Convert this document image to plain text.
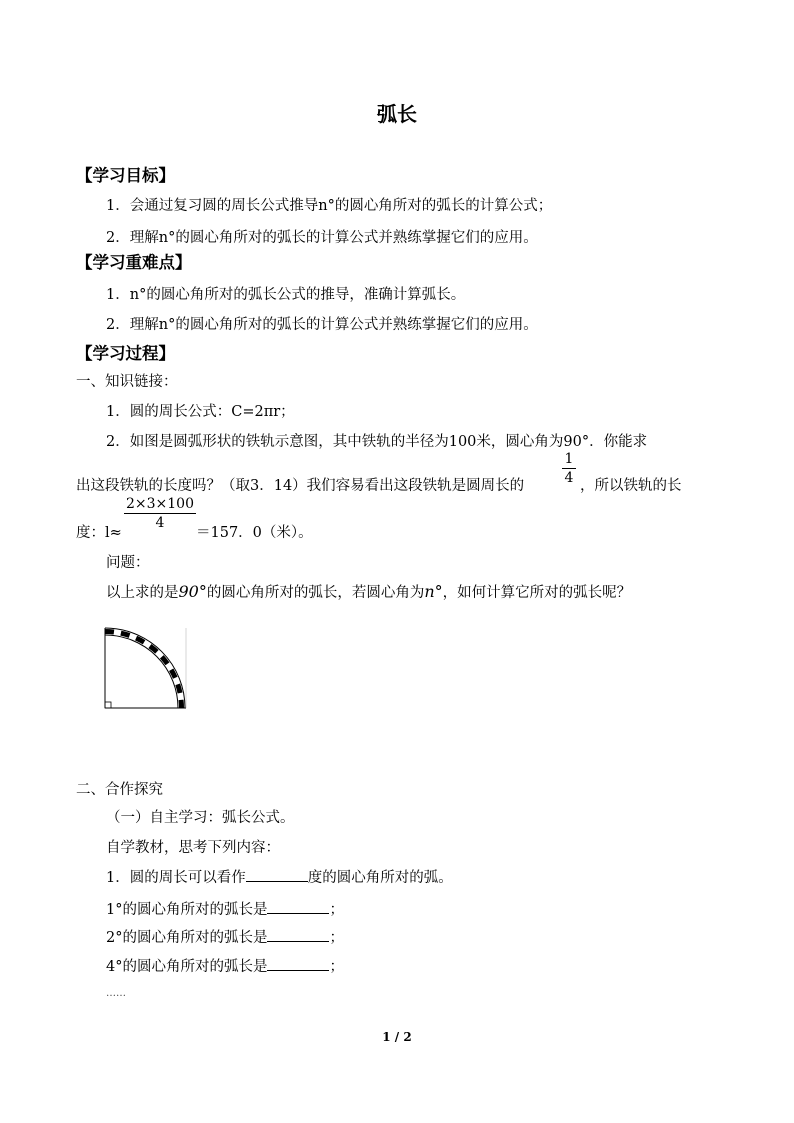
弧长
【学习目标】
1．会通过复习圆的周长公式推导n°的圆心角所对的弧长的计算公式；
2．理解n°的圆心角所对的弧长的计算公式并熟练掌握它们的应用。
【学习重难点】
1．n°的圆心角所对的弧长公式的推导，准确计算弧长。
2．理解n°的圆心角所对的弧长的计算公式并熟练掌握它们的应用。
【学习过程】
一、知识链接：
1．圆的周长公式：C=2πr；
2．如图是圆弧形状的铁轨示意图，其中铁轨的半径为100米，圆心角为90°．你能求
出这段铁轨的长度吗？（取3．14）我们容易看出这段铁轨是圆周长的
1
4 ，所以铁轨的长
度：l≈
2×3×100
4
＝157．0（米）。
问题：
以上求的是90°的圆心角所对的弧长，若圆心角为n°，如何计算它所对的弧长呢？
二、合作探究
（一）自主学习：弧长公式。
自学教材，思考下列内容：
1．圆的周长可以看作	度的圆心角所对的弧。
1°的圆心角所对的弧长是	；
2°的圆心角所对的弧长是	；
4°的圆心角所对的弧长是	；
……
1 / 2
